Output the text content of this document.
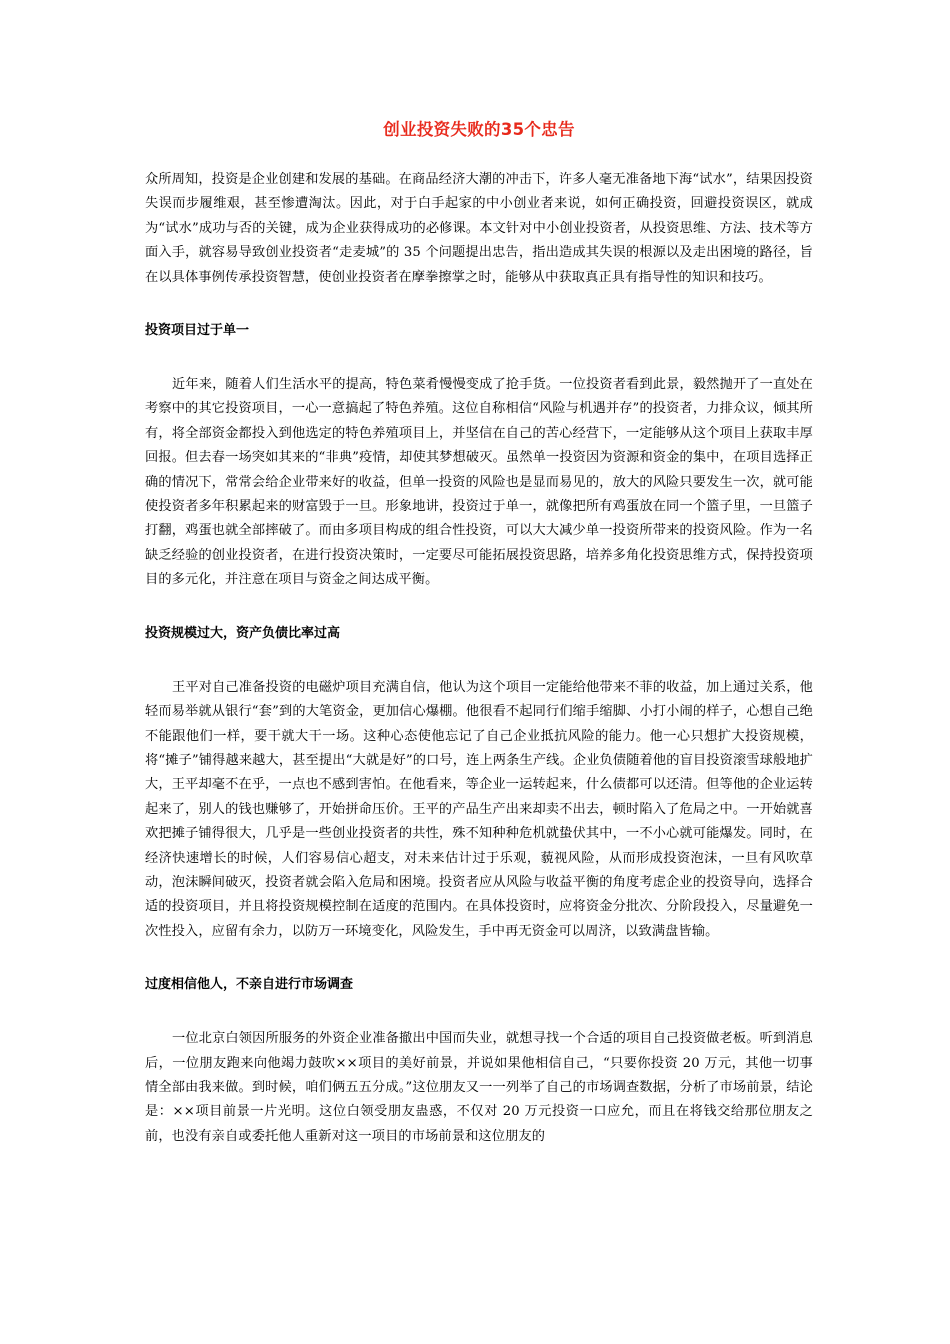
创业投资失败的35个忠告

众所周知，投资是企业创建和发展的基础。在商品经济大潮的冲击下，许多人毫无准备地下海“试水”，结果因投资失误而步履维艰，甚至惨遭淘汰。因此，对于白手起家的中小创业者来说，如何正确投资，回避投资误区，就成为“试水”成功与否的关键，成为企业获得成功的必修课。本文针对中小创业投资者，从投资思维、方法、技术等方面入手，就容易导致创业投资者“走麦城”的 35 个问题提出忠告，指出造成其失误的根源以及走出困境的路径，旨在以具体事例传承投资智慧，使创业投资者在摩拳擦掌之时，能够从中获取真正具有指导性的知识和技巧。

投资项目过于单一

近年来，随着人们生活水平的提高，特色菜肴慢慢变成了抢手货。一位投资者看到此景，毅然抛开了一直处在考察中的其它投资项目，一心一意搞起了特色养殖。这位自称相信“风险与机遇并存”的投资者，力排众议，倾其所有，将全部资金都投入到他选定的特色养殖项目上，并坚信在自己的苦心经营下，一定能够从这个项目上获取丰厚回报。但去春一场突如其来的“非典”疫情，却使其梦想破灭。虽然单一投资因为资源和资金的集中，在项目选择正确的情况下，常常会给企业带来好的收益，但单一投资的风险也是显而易见的，放大的风险只要发生一次，就可能使投资者多年积累起来的财富毁于一旦。形象地讲，投资过于单一，就像把所有鸡蛋放在同一个篮子里，一旦篮子打翻，鸡蛋也就全部摔破了。而由多项目构成的组合性投资，可以大大减少单一投资所带来的投资风险。作为一名缺乏经验的创业投资者，在进行投资决策时，一定要尽可能拓展投资思路，培养多角化投资思维方式，保持投资项目的多元化，并注意在项目与资金之间达成平衡。

投资规模过大，资产负债比率过高

王平对自己准备投资的电磁炉项目充满自信，他认为这个项目一定能给他带来不菲的收益，加上通过关系，他轻而易举就从银行“套”到的大笔资金，更加信心爆棚。他很看不起同行们缩手缩脚、小打小闹的样子，心想自己绝不能跟他们一样，要干就大干一场。这种心态使他忘记了自己企业抵抗风险的能力。他一心只想扩大投资规模，将“摊子”铺得越来越大，甚至提出“大就是好”的口号，连上两条生产线。企业负债随着他的盲目投资滚雪球般地扩大，王平却毫不在乎，一点也不感到害怕。在他看来，等企业一运转起来，什么债都可以还清。但等他的企业运转起来了，别人的钱也赚够了，开始拼命压价。王平的产品生产出来却卖不出去，顿时陷入了危局之中。一开始就喜欢把摊子铺得很大，几乎是一些创业投资者的共性，殊不知种种危机就蛰伏其中，一不小心就可能爆发。同时，在经济快速增长的时候，人们容易信心超支，对未来估计过于乐观，藐视风险，从而形成投资泡沫，一旦有风吹草动，泡沫瞬间破灭，投资者就会陷入危局和困境。投资者应从风险与收益平衡的角度考虑企业的投资导向，选择合适的投资项目，并且将投资规模控制在适度的范围内。在具体投资时，应将资金分批次、分阶段投入，尽量避免一次性投入，应留有余力，以防万一环境变化，风险发生，手中再无资金可以周济，以致满盘皆输。

过度相信他人，不亲自进行市场调查

一位北京白领因所服务的外资企业准备撤出中国而失业，就想寻找一个合适的项目自己投资做老板。听到消息后，一位朋友跑来向他竭力鼓吹××项目的美好前景，并说如果他相信自己，“只要你投资 20 万元，其他一切事情全部由我来做。到时候，咱们俩五五分成。”这位朋友又一一列举了自己的市场调查数据，分析了市场前景，结论是：××项目前景一片光明。这位白领受朋友蛊惑，不仅对 20 万元投资一口应允，而且在将钱交给那位朋友之前，也没有亲自或委托他人重新对这一项目的市场前景和这位朋友的
